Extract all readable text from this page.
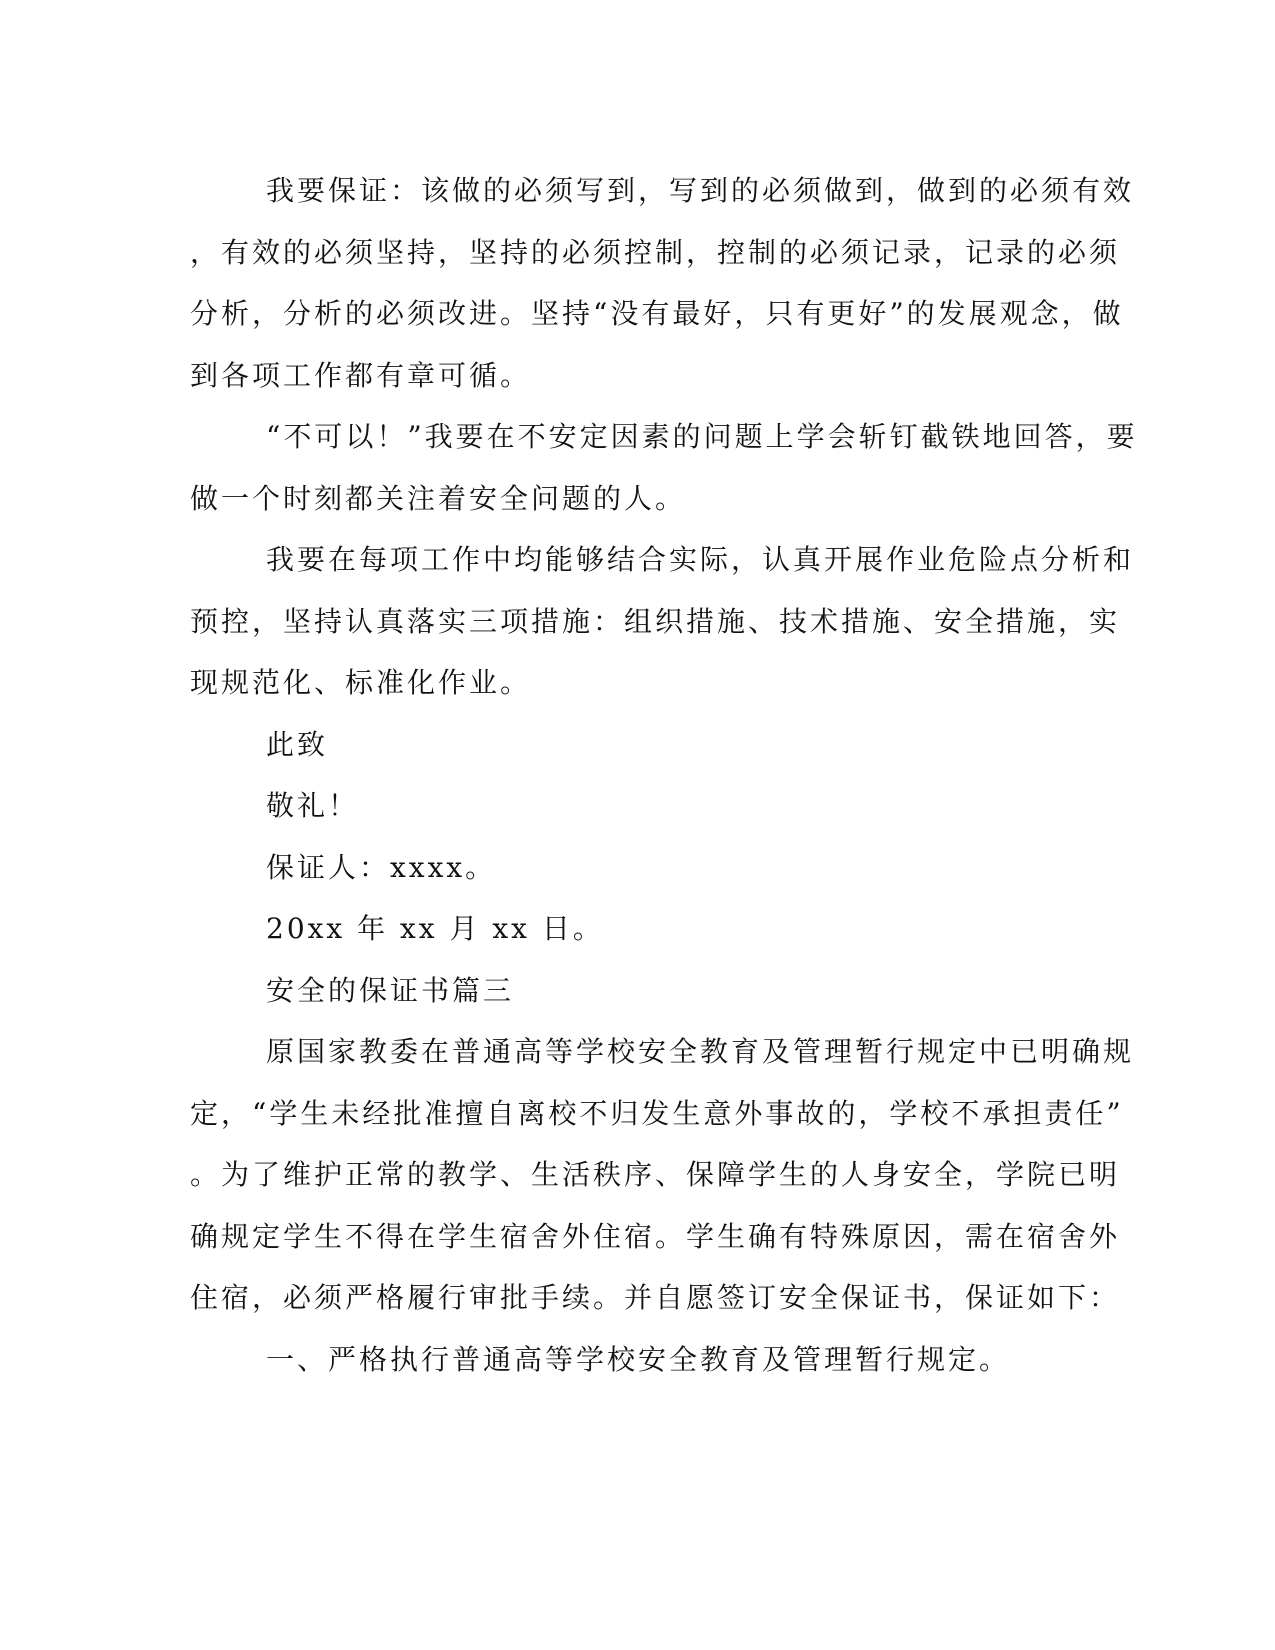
我要保证：该做的必须写到，写到的必须做到，做到的必须有效
，有效的必须坚持，坚持的必须控制，控制的必须记录，记录的必须
分析，分析的必须改进。坚持“没有最好，只有更好”的发展观念，做
到各项工作都有章可循。
“不可以！”我要在不安定因素的问题上学会斩钉截铁地回答，要
做一个时刻都关注着安全问题的人。
我要在每项工作中均能够结合实际，认真开展作业危险点分析和
预控，坚持认真落实三项措施：组织措施、技术措施、安全措施，实
现规范化、标准化作业。
此致
敬礼！
保证人：xxxx。
20xx 年 xx 月 xx 日。
安全的保证书篇三
原国家教委在普通高等学校安全教育及管理暂行规定中已明确规
定，“学生未经批准擅自离校不归发生意外事故的，学校不承担责任”
。为了维护正常的教学、生活秩序、保障学生的人身安全，学院已明
确规定学生不得在学生宿舍外住宿。学生确有特殊原因，需在宿舍外
住宿，必须严格履行审批手续。并自愿签订安全保证书，保证如下：
一、严格执行普通高等学校安全教育及管理暂行规定。
